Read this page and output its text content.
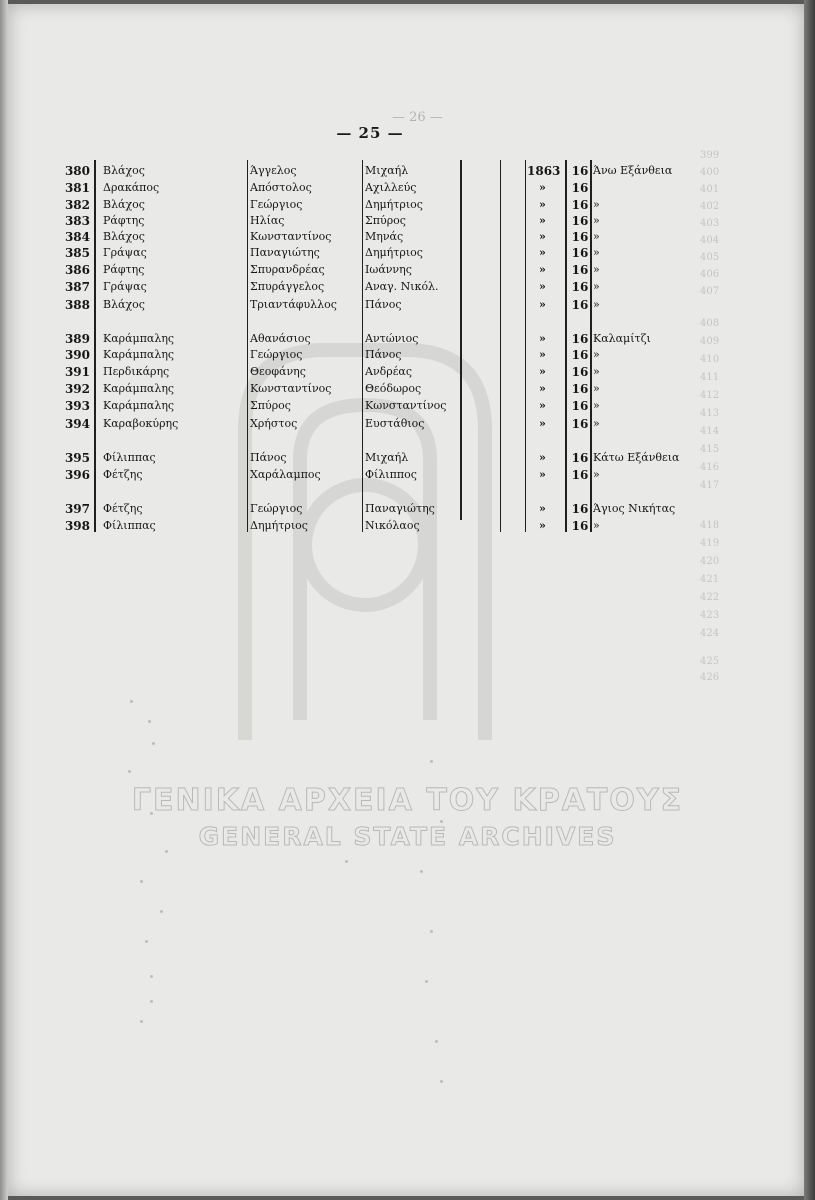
399
400
401
402
403
404
405
406
407
408
409
410
411
412
413
414
415
416
417
418
419
420
421
422
423
424
425
426
— 26 —
— 25 —
380 Βλάχος	Άγγελος	Μιχαήλ	1863 16 Άνω Εξάνθεια
381 Δρακάπος	Απόστολος	Αχιλλεύς	»	16
382 Βλάχος	Γεώργιος	Δημήτριος	»	16 »
383 Ράφτης	Ηλίας	Σπύρος	»	16 »
384 Βλάχος	Κωνσταντίνος	Μηνάς	»	16 »
385 Γράψας	Παναγιώτης	Δημήτριος	»	16 »
386 Ράφτης	Σπυρανδρέας	Ιωάννης	»	16 »
387 Γράψας	Σπυράγγελος	Αναγ. Νικόλ.	»	16 »
388 Βλάχος	Τριαντάφυλλος	Πάνος	»	16 »
389 Καράμπαλης	Αθανάσιος	Αντώνιος	»	16 Καλαμίτζι
390 Καράμπαλης	Γεώργιος	Πάνος	»	16 »
391 Περδικάρης	Θεοφάνης	Ανδρέας	»	16 »
392 Καράμπαλης	Κωνσταντίνος	Θεόδωρος	»	16 »
393 Καράμπαλης	Σπύρος	Κωνσταντίνος	»	16 »
394 Καραβοκύρης	Χρήστος	Ευστάθιος	»	16 »
395 Φίλιππας	Πάνος	Μιχαήλ	»	16 Κάτω Εξάνθεια
396 Φέτζης	Χαράλαμπος	Φίλιππος	»	16 »
397 Φέτζης	Γεώργιος	Παναγιώτης	»	16 Άγιος Νικήτας
398 Φίλιππας	Δημήτριος	Νικόλαος	»	16 »
ΓΕΝΙΚΑ ΑΡΧΕΙΑ ΤΟΥ ΚΡΑΤΟΥΣ
GENERAL STATE ARCHIVES
